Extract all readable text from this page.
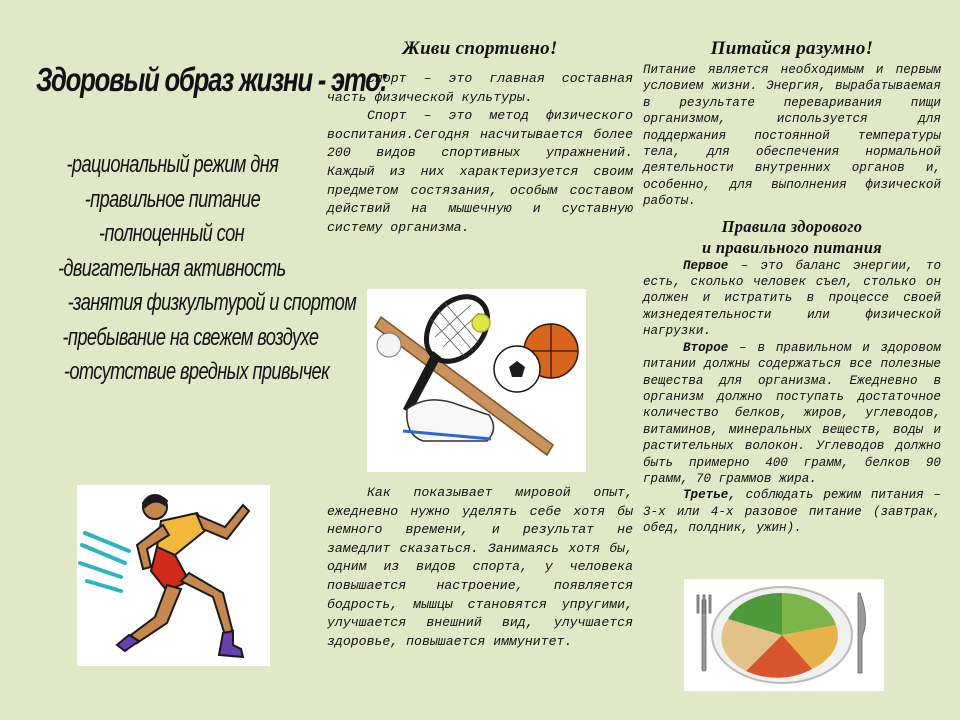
Здоровый образ жизни - это:
-рациональный режим дня
-правильное питание
-полноценный сон
-двигательная активность
-занятия физкультурой и спортом
-пребывание на свежем воздухе
-отсутствие вредных привычек
Живи спортивно!

Спорт – это главная составная часть физической культуры.

Спорт – это метод физического воспитания.Сегодня насчитывается более 200 видов спортивных упражнений. Каждый из них характеризуется своим предметом состязания, особым составом действий на мышечную и суставную систему организма.

Как показывает мировой опыт, ежедневно нужно уделять себе хотя бы немного времени, и результат не замедлит сказаться. Занимаясь хотя бы, одним из видов спорта, у человека повышается настроение, появляется бодрость, мышцы становятся упругими, улучшается внешний вид, улучшается здоровье, повышается иммунитет.

Питайся разумно!

Питание является необходимым и первым условием жизни. Энергия, вырабатываемая в результате переваривания пищи организмом, используется для поддержания постоянной температуры тела, для обеспечения нормальной деятельности внутренних органов и, особенно, для выполнения физической работы.

Правила здорового
и правильного питания

Первое – это баланс энергии, то есть, сколько человек съел, столько он должен и истратить в процессе своей жизнедеятельности или физической нагрузки.

Второе – в правильном и здоровом питании должны содержаться все полезные вещества для организма. Ежедневно в организм должно поступать достаточное количество белков, жиров, углеводов, витаминов, минеральных веществ, воды и растительных волокон. Углеводов должно быть примерно 400 грамм, белков 90 грамм, 70 граммов жира.

Третье, соблюдать режим питания – 3-х или 4-х разовое питание (завтрак, обед, полдник, ужин).
